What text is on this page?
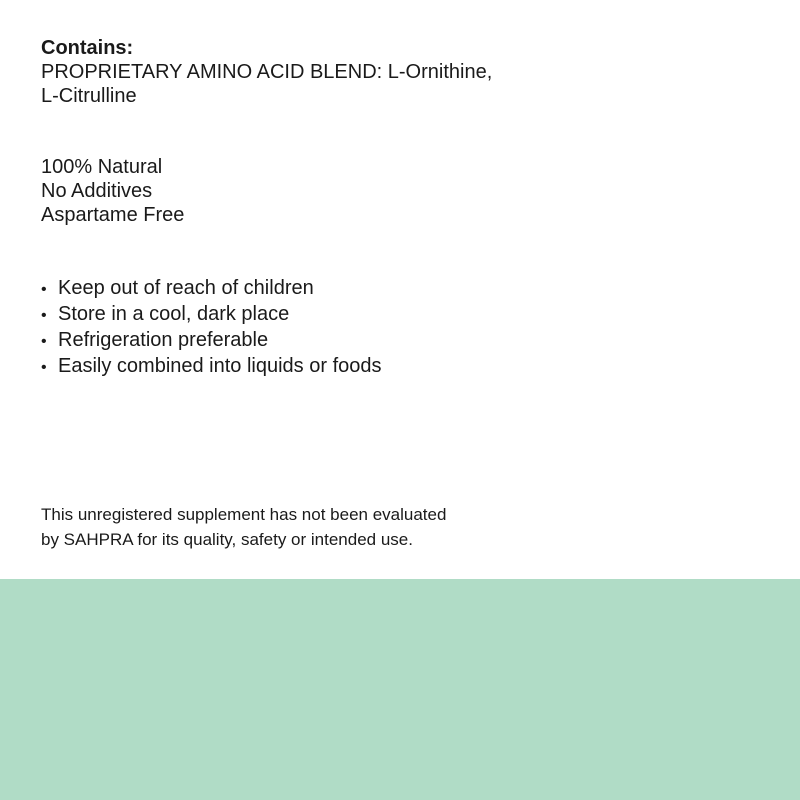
Contains:
PROPRIETARY AMINO ACID BLEND: L-Ornithine,
L-Citrulline
100% Natural
No Additives
Aspartame Free
• Keep out of reach of children
• Store in a cool, dark place
• Refrigeration preferable
• Easily combined into liquids or foods
This unregistered supplement has not been evaluated
by SAHPRA for its quality, safety or intended use.
